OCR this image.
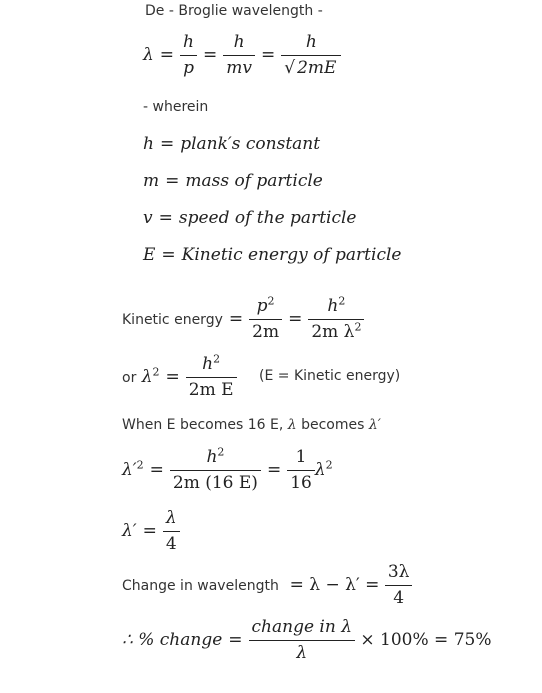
De - Broglie wavelength -
$\lambda = \frac{h}{p} = \frac{h}{mv} = \frac{h}{√ 2mE}$
- wherein
h = plank′s constant
m = mass of particle
v = speed of the particle
E = Kinetic energy of particle
Kinetic energy = $\frac{p^2}{2m} = \frac{h^2}{2m \lambda^2}$
or $\lambda^2 = \frac{h^2}{\text{2m E}} (E$ = Kinetic energy)
When E becomes 16 E, λ becomes λ′
$\lambda'^2 = \frac{h^2}{2m (16 E)} = \frac{1}{16} \lambda^2$
$\lambda' = \frac{\lambda}{4}$
Change in wavelength = $\lambda - \lambda' = \frac{3\lambda}{4}$
∴ % change = $\frac{\text{change in λ}}{\lambda} \times 100\% = 75\%$
